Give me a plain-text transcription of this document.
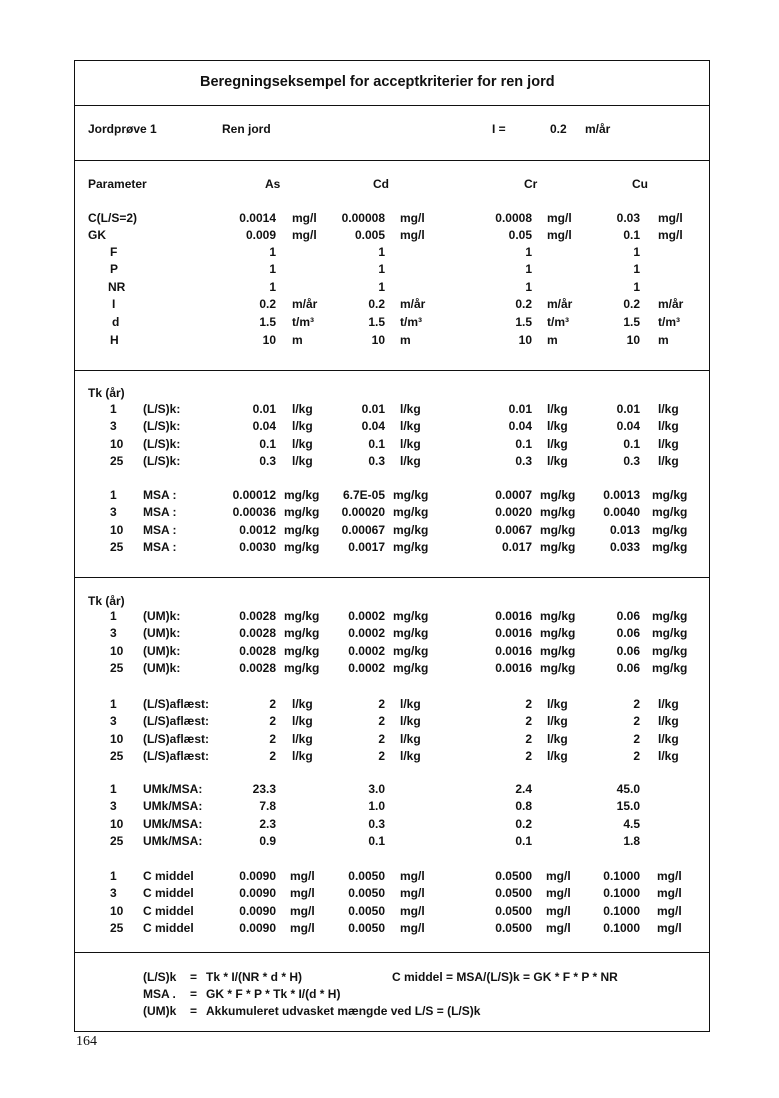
As	Cd	Cr	Cu
C(L/S=2)	0.0014 mg/l	0.00008 mg/l	0.0008 mg/l	0.03 mg/l
GK	0.009 mg/l	0.005 mg/l	0.05 mg/l	0.1 mg/l
F	1	1	1	1
P	1	1	1	1
NR	1	1	1	1
I	0.2 m/år	0.2 m/år	0.2 m/år	0.2 m/år
d	1.5 t/m³	1.5 t/m³	1.5 t/m³	1.5 t/m³
H	10 m	10 m	10 m	10 m
Tk (år)
1 (L/S)k:	0.01 l/kg	0.01 l/kg	0.01 l/kg	0.01 l/kg
3 (L/S)k:	0.04 l/kg	0.04 l/kg	0.04 l/kg	0.04 l/kg
10 (L/S)k:	0.1 l/kg	0.1 l/kg	0.1 l/kg	0.1 l/kg
25 (L/S)k:	0.3 l/kg	0.3 l/kg	0.3 l/kg	0.3 l/kg
1 MSA :	0.00012 mg/kg	6.7E-05 mg/kg	0.0007 mg/kg	0.0013 mg/kg
3 MSA :	0.00036 mg/kg	0.00020 mg/kg	0.0020 mg/kg	0.0040 mg/kg
10 MSA :	0.0012 mg/kg	0.00067 mg/kg	0.0067 mg/kg	0.013 mg/kg
25 MSA :	0.0030 mg/kg	0.0017 mg/kg	0.017 mg/kg	0.033 mg/kg
Tk (år)
1 (UM)k:	0.0028 mg/kg	0.0002 mg/kg	0.0016 mg/kg	0.06 mg/kg
3 (UM)k:	0.0028 mg/kg	0.0002 mg/kg	0.0016 mg/kg	0.06 mg/kg
10 (UM)k:	0.0028 mg/kg	0.0002 mg/kg	0.0016 mg/kg	0.06 mg/kg
25 (UM)k:	0.0028 mg/kg	0.0002 mg/kg	0.0016 mg/kg	0.06 mg/kg
1 (L/S)aflæst:	2 l/kg	2 l/kg	2 l/kg	2 l/kg
3 (L/S)aflæst:	2 l/kg	2 l/kg	2 l/kg	2 l/kg
10 (L/S)aflæst:	2 l/kg	2 l/kg	2 l/kg	2 l/kg
25 (L/S)aflæst:	2 l/kg	2 l/kg	2 l/kg	2 l/kg
1 UMk/MSA:	23.3	3.0	2.4	45.0
3 UMk/MSA:	7.8	1.0	0.8	15.0
10 UMk/MSA:	2.3	0.3	0.2	4.5
25 UMk/MSA:	0.9	0.1	0.1	1.8
1 C middel	0.0090 mg/l	0.0050 mg/l	0.0500 mg/l	0.1000 mg/l
3 C middel	0.0090 mg/l	0.0050 mg/l	0.0500 mg/l	0.1000 mg/l
10 C middel	0.0090 mg/l	0.0050 mg/l	0.0500 mg/l	0.1000 mg/l
25 C middel	0.0090 mg/l	0.0050 mg/l	0.0500 mg/l	0.1000 mg/l
Beregningseksempel for acceptkriterier for ren jord
Jordprøve 1	Ren jord	I =	0.2 m/år
Parameter
(L/S)k = Tk * I/(NR * d * H)
MSA . = GK * F * P * Tk * I/(d * H)
(UM)k = Akkumuleret udvasket mængde ved L/S = (L/S)k
C middel = MSA/(L/S)k = GK * F * P * NR
164
